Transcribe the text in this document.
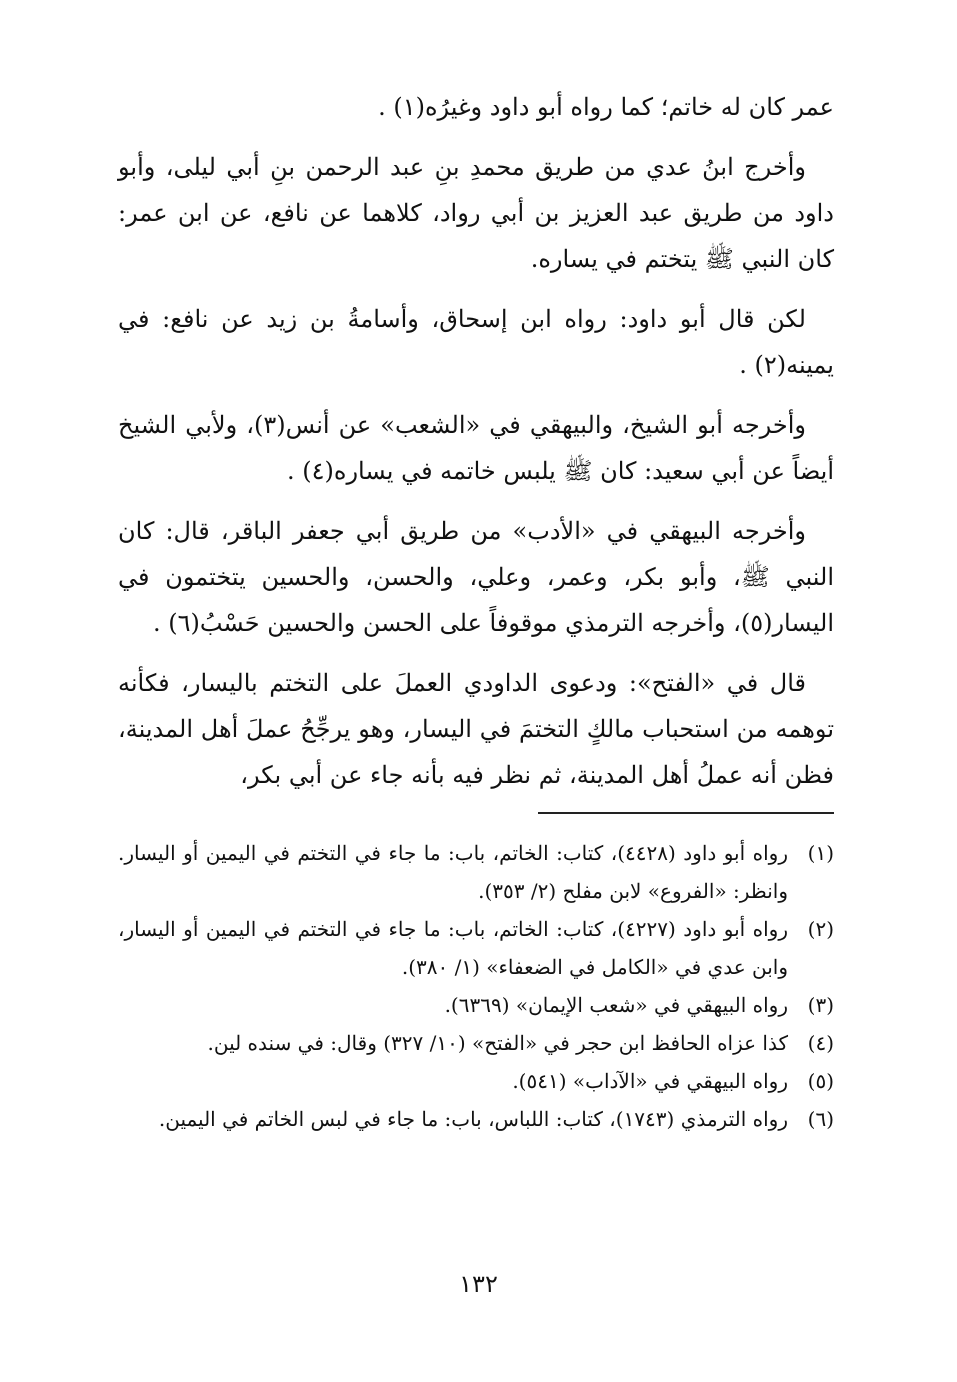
عمر كان له خاتم؛ كما رواه أبو داود وغيرُه(١) .

وأخرج ابنُ عدي من طريق محمدِ بنِ عبد الرحمن بنِ أبي ليلى، وأبو داود من طريق عبد العزيز بن أبي رواد، كلاهما عن نافع، عن ابن عمر: كان النبي ﷺ يتختم في يساره.

لكن قال أبو داود: رواه ابن إسحاق، وأسامةُ بن زيد عن نافع: في يمينه(٢) .

وأخرجه أبو الشيخ، والبيهقي في «الشعب» عن أنس(٣)، ولأبي الشيخ أيضاً عن أبي سعيد: كان ﷺ يلبس خاتمه في يساره(٤) .

وأخرجه البيهقي في «الأدب» من طريق أبي جعفر الباقر، قال: كان النبي ﷺ، وأبو بكر، وعمر، وعلي، والحسن، والحسين يتختمون في اليسار(٥)، وأخرجه الترمذي موقوفاً على الحسن والحسين حَسْبُ(٦) .

قال في «الفتح»: ودعوى الداودي العملَ على التختم باليسار، فكأنه توهمه من استحباب مالكٍ التختمَ في اليسار، وهو يرجِّحُ عملَ أهل المدينة، فظن أنه عملُ أهل المدينة، ثم نظر فيه بأنه جاء عن أبي بكر،

(١)
رواه أبو داود (٤٤٢٨)، كتاب: الخاتم، باب: ما جاء في التختم في اليمين أو اليسار. وانظر: «الفروع» لابن مفلح (٢/ ٣٥٣).
(٢)
رواه أبو داود (٤٢٢٧)، كتاب: الخاتم، باب: ما جاء في التختم في اليمين أو اليسار، وابن عدي في «الكامل في الضعفاء» (١/ ٣٨٠).
(٣)
رواه البيهقي في «شعب الإيمان» (٦٣٦٩).
(٤)
كذا عزاه الحافظ ابن حجر في «الفتح» (١٠/ ٣٢٧) وقال: في سنده لين.
(٥)
رواه البيهقي في «الآداب» (٥٤١).
(٦)
رواه الترمذي (١٧٤٣)، كتاب: اللباس، باب: ما جاء في لبس الخاتم في اليمين.
١٣٢
